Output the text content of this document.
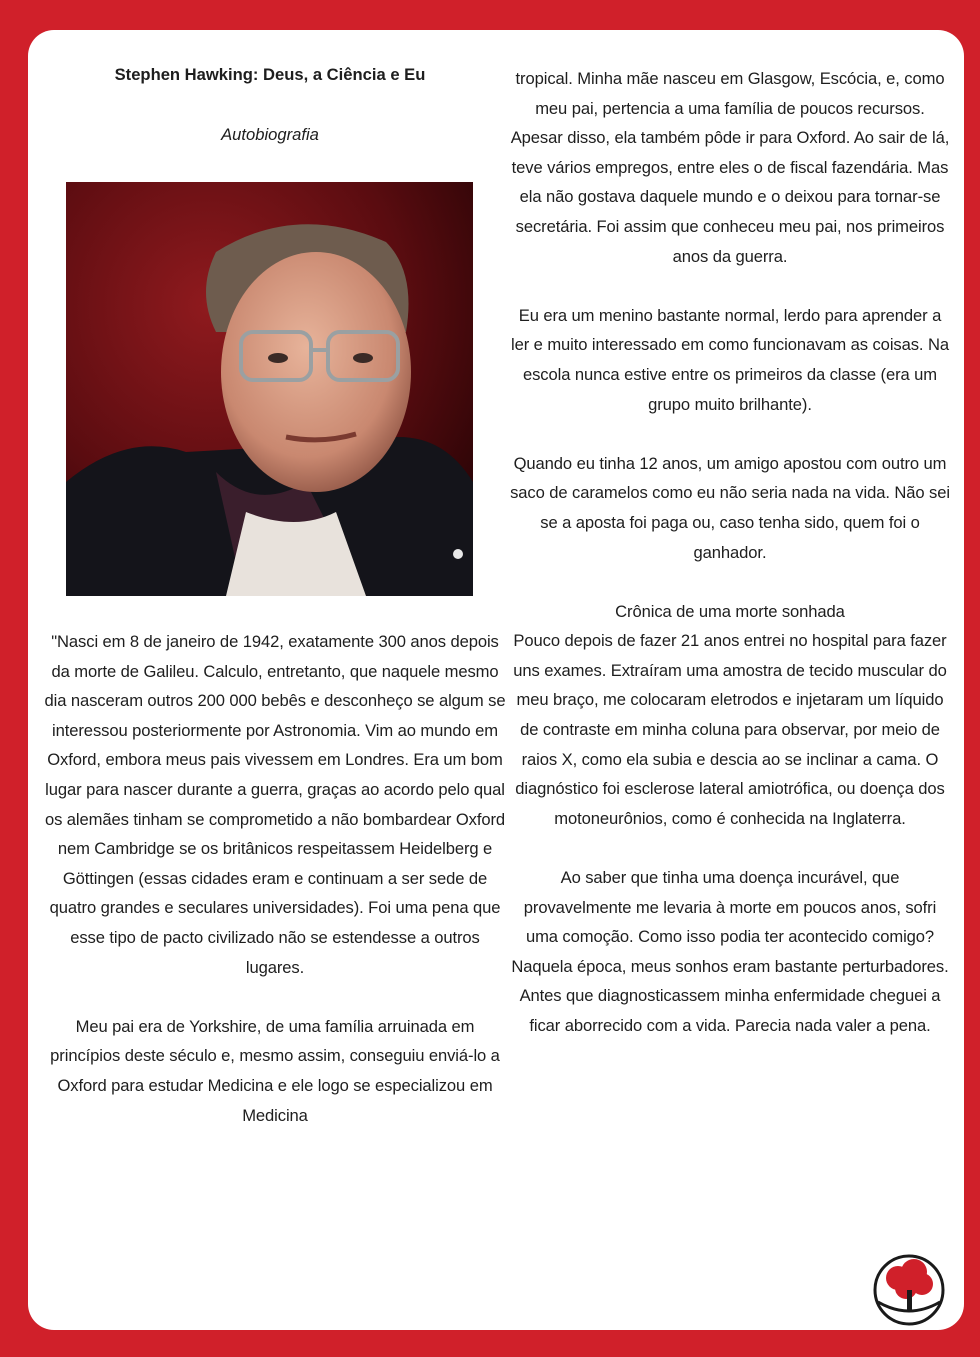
Stephen Hawking: Deus, a Ciência e Eu

Autobiografia

"Nasci em 8 de janeiro de 1942, exatamente 300 anos depois da morte de Galileu. Calculo, entretanto, que naquele mesmo dia nasceram outros 200 000 bebês e desconheço se algum se interessou posteriormente por Astronomia. Vim ao mundo em Oxford, embora meus pais vivessem em Londres. Era um bom lugar para nascer durante a guerra, graças ao acordo pelo qual os alemães tinham se comprometido a não bombardear Oxford nem Cambridge se os britânicos respeitassem Heidelberg e Göttingen (essas cidades eram e continuam a ser sede de quatro grandes e seculares universidades). Foi uma pena que esse tipo de pacto civilizado não se estendesse a outros lugares.

Meu pai era de Yorkshire, de uma família arruinada em princípios deste século e, mesmo assim, conseguiu enviá-lo a Oxford para estudar Medicina e ele logo se especializou em Medicina

tropical. Minha mãe nasceu em Glasgow, Escócia, e, como meu pai, pertencia a uma família de poucos recursos. Apesar disso, ela também pôde ir para Oxford. Ao sair de lá, teve vários empregos, entre eles o de fiscal fazendária. Mas ela não gostava daquele mundo e o deixou para tornar-se secretária. Foi assim que conheceu meu pai, nos primeiros anos da guerra.

Eu era um menino bastante normal, lerdo para aprender a ler e muito interessado em como funcionavam as coisas. Na escola nunca estive entre os primeiros da classe (era um grupo muito brilhante).

Quando eu tinha 12 anos, um amigo apostou com outro um saco de caramelos como eu não seria nada na vida. Não sei se a aposta foi paga ou, caso tenha sido, quem foi o ganhador.

Crônica de uma morte sonhada

Pouco depois de fazer 21 anos entrei no hospital para fazer uns exames. Extraíram uma amostra de tecido muscular do meu braço, me colocaram eletrodos e injetaram um líquido de contraste em minha coluna para observar, por meio de raios X, como ela subia e descia ao se inclinar a cama. O diagnóstico foi esclerose lateral amiotrófica, ou doença dos motoneurônios, como é conhecida na Inglaterra.

Ao saber que tinha uma doença incurável, que provavelmente me levaria à morte em poucos anos, sofri uma comoção. Como isso podia ter acontecido comigo? Naquela época, meus sonhos eram bastante perturbadores. Antes que diagnosticassem minha enfermidade cheguei a ficar aborrecido com a vida. Parecia nada valer a pena.
